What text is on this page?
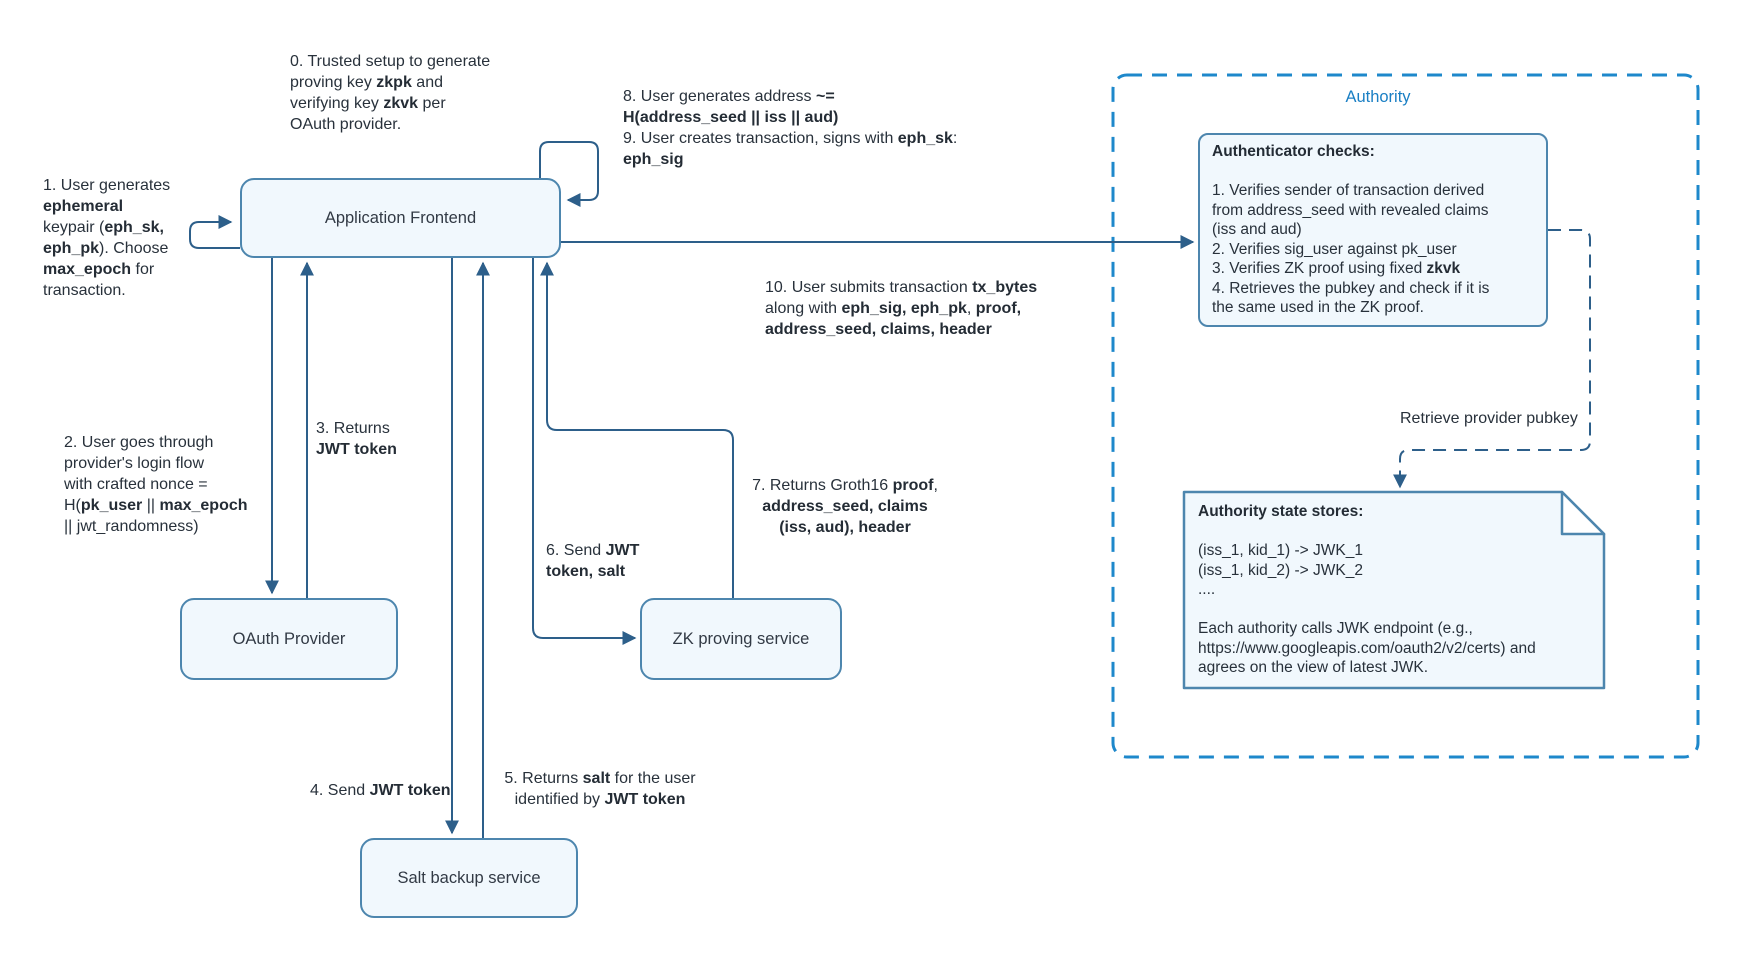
Authority
Application Frontend
OAuth Provider	ZK proving service
Salt backup service
Authenticator checks:

1. Verifies sender of transaction derived
from address_seed with revealed claims
(iss and aud)
2. Verifies sig_user against pk_user
3. Verifies ZK proof using fixed zkvk
4. Retrieves the pubkey and check if it is
the same used in the ZK proof.
Authority state stores:

(iss_1, kid_1) -> JWK_1
(iss_1, kid_2) -> JWK_2
....

Each authority calls JWK endpoint (e.g.,
https://www.googleapis.com/oauth2/v2/certs) and
agrees on the view of latest JWK.
0. Trusted setup to generate
proving key zkpk and
verifying key zkvk per
OAuth provider.
1. User generates
ephemeral
keypair (eph_sk,
eph_pk). Choose
max_epoch for
transaction.
2. User goes through
provider's login flow
with crafted nonce =
H(pk_user || max_epoch
|| jwt_randomness)
3. Returns
JWT token
4. Send JWT token
5. Returns salt for the user
identified by JWT token
6. Send JWT
token, salt
7. Returns Groth16 proof,
address_seed, claims
(iss, aud), header
8. User generates address ~=
H(address_seed || iss || aud)
9. User creates transaction, signs with eph_sk:
eph_sig
10. User submits transaction tx_bytes
along with eph_sig, eph_pk, proof,
address_seed, claims, header
Retrieve provider pubkey
